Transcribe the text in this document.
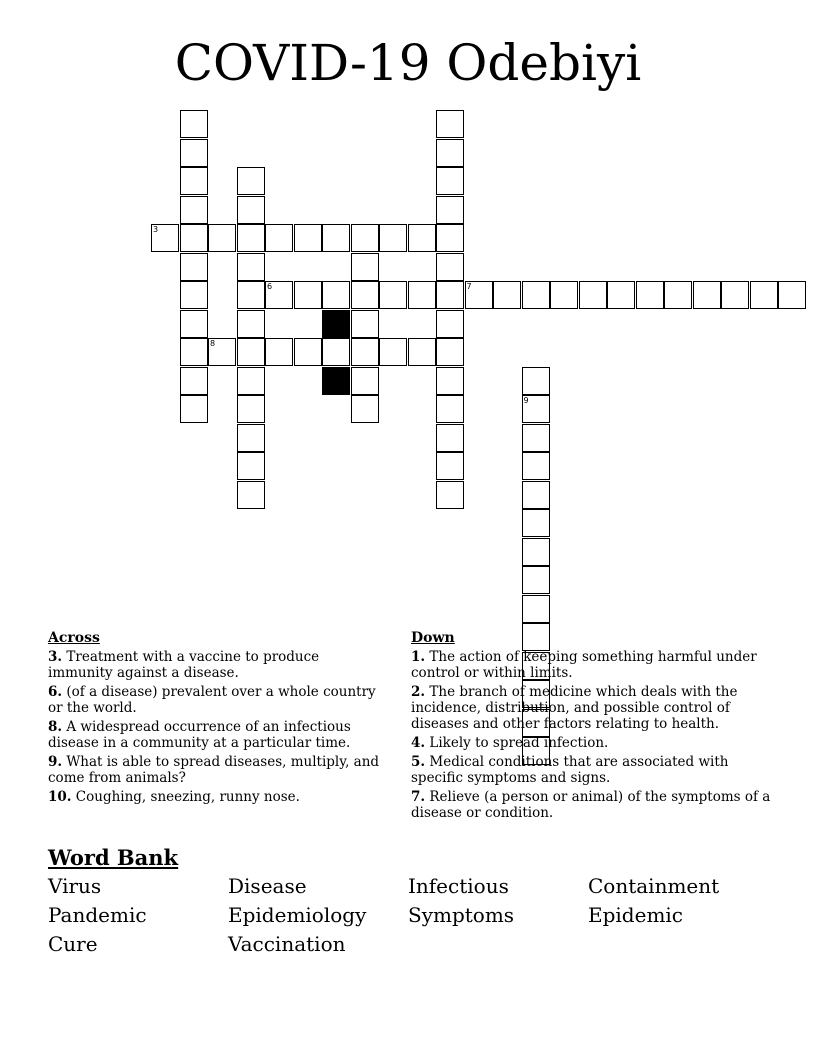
COVID-19 Odebiyi
3
6	7
8
9
Across
3. Treatment with a vaccine to produce immunity against a disease.
6. (of a disease) prevalent over a whole country or the world.
8. A widespread occurrence of an infectious disease in a community at a particular time.
9. What is able to spread diseases, multiply, and come from animals?
10. Coughing, sneezing, runny nose.
Down
1. The action of keeping something harmful under control or within limits.
2. The branch of medicine which deals with the incidence, distribution, and possible control of diseases and other factors relating to health.
4. Likely to spread infection.
5. Medical conditions that are associated with specific symptoms and signs.
7. Relieve (a person or animal) of the symptoms of a disease or condition.
Word Bank
Virus	Disease	Infectious	Containment
Pandemic	Epidemiology	Symptoms	Epidemic
Cure	Vaccination
